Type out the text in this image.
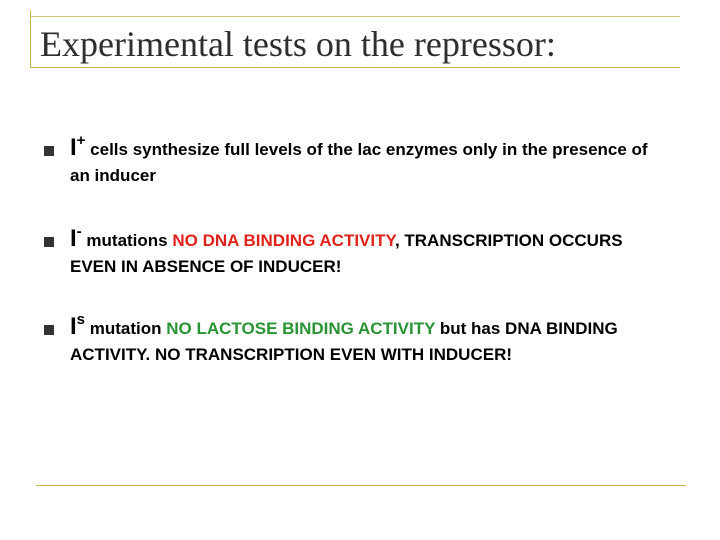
Experimental tests on the repressor:
I+ cells synthesize full levels of the lac enzymes only in the presence of an inducer
I- mutations NO DNA BINDING ACTIVITY, TRANSCRIPTION OCCURS EVEN IN ABSENCE OF INDUCER!
$I^s$ mutation NO LACTOSE BINDING ACTIVITY but has DNA BINDING ACTIVITY. NO TRANSCRIPTION EVEN WITH INDUCER!
